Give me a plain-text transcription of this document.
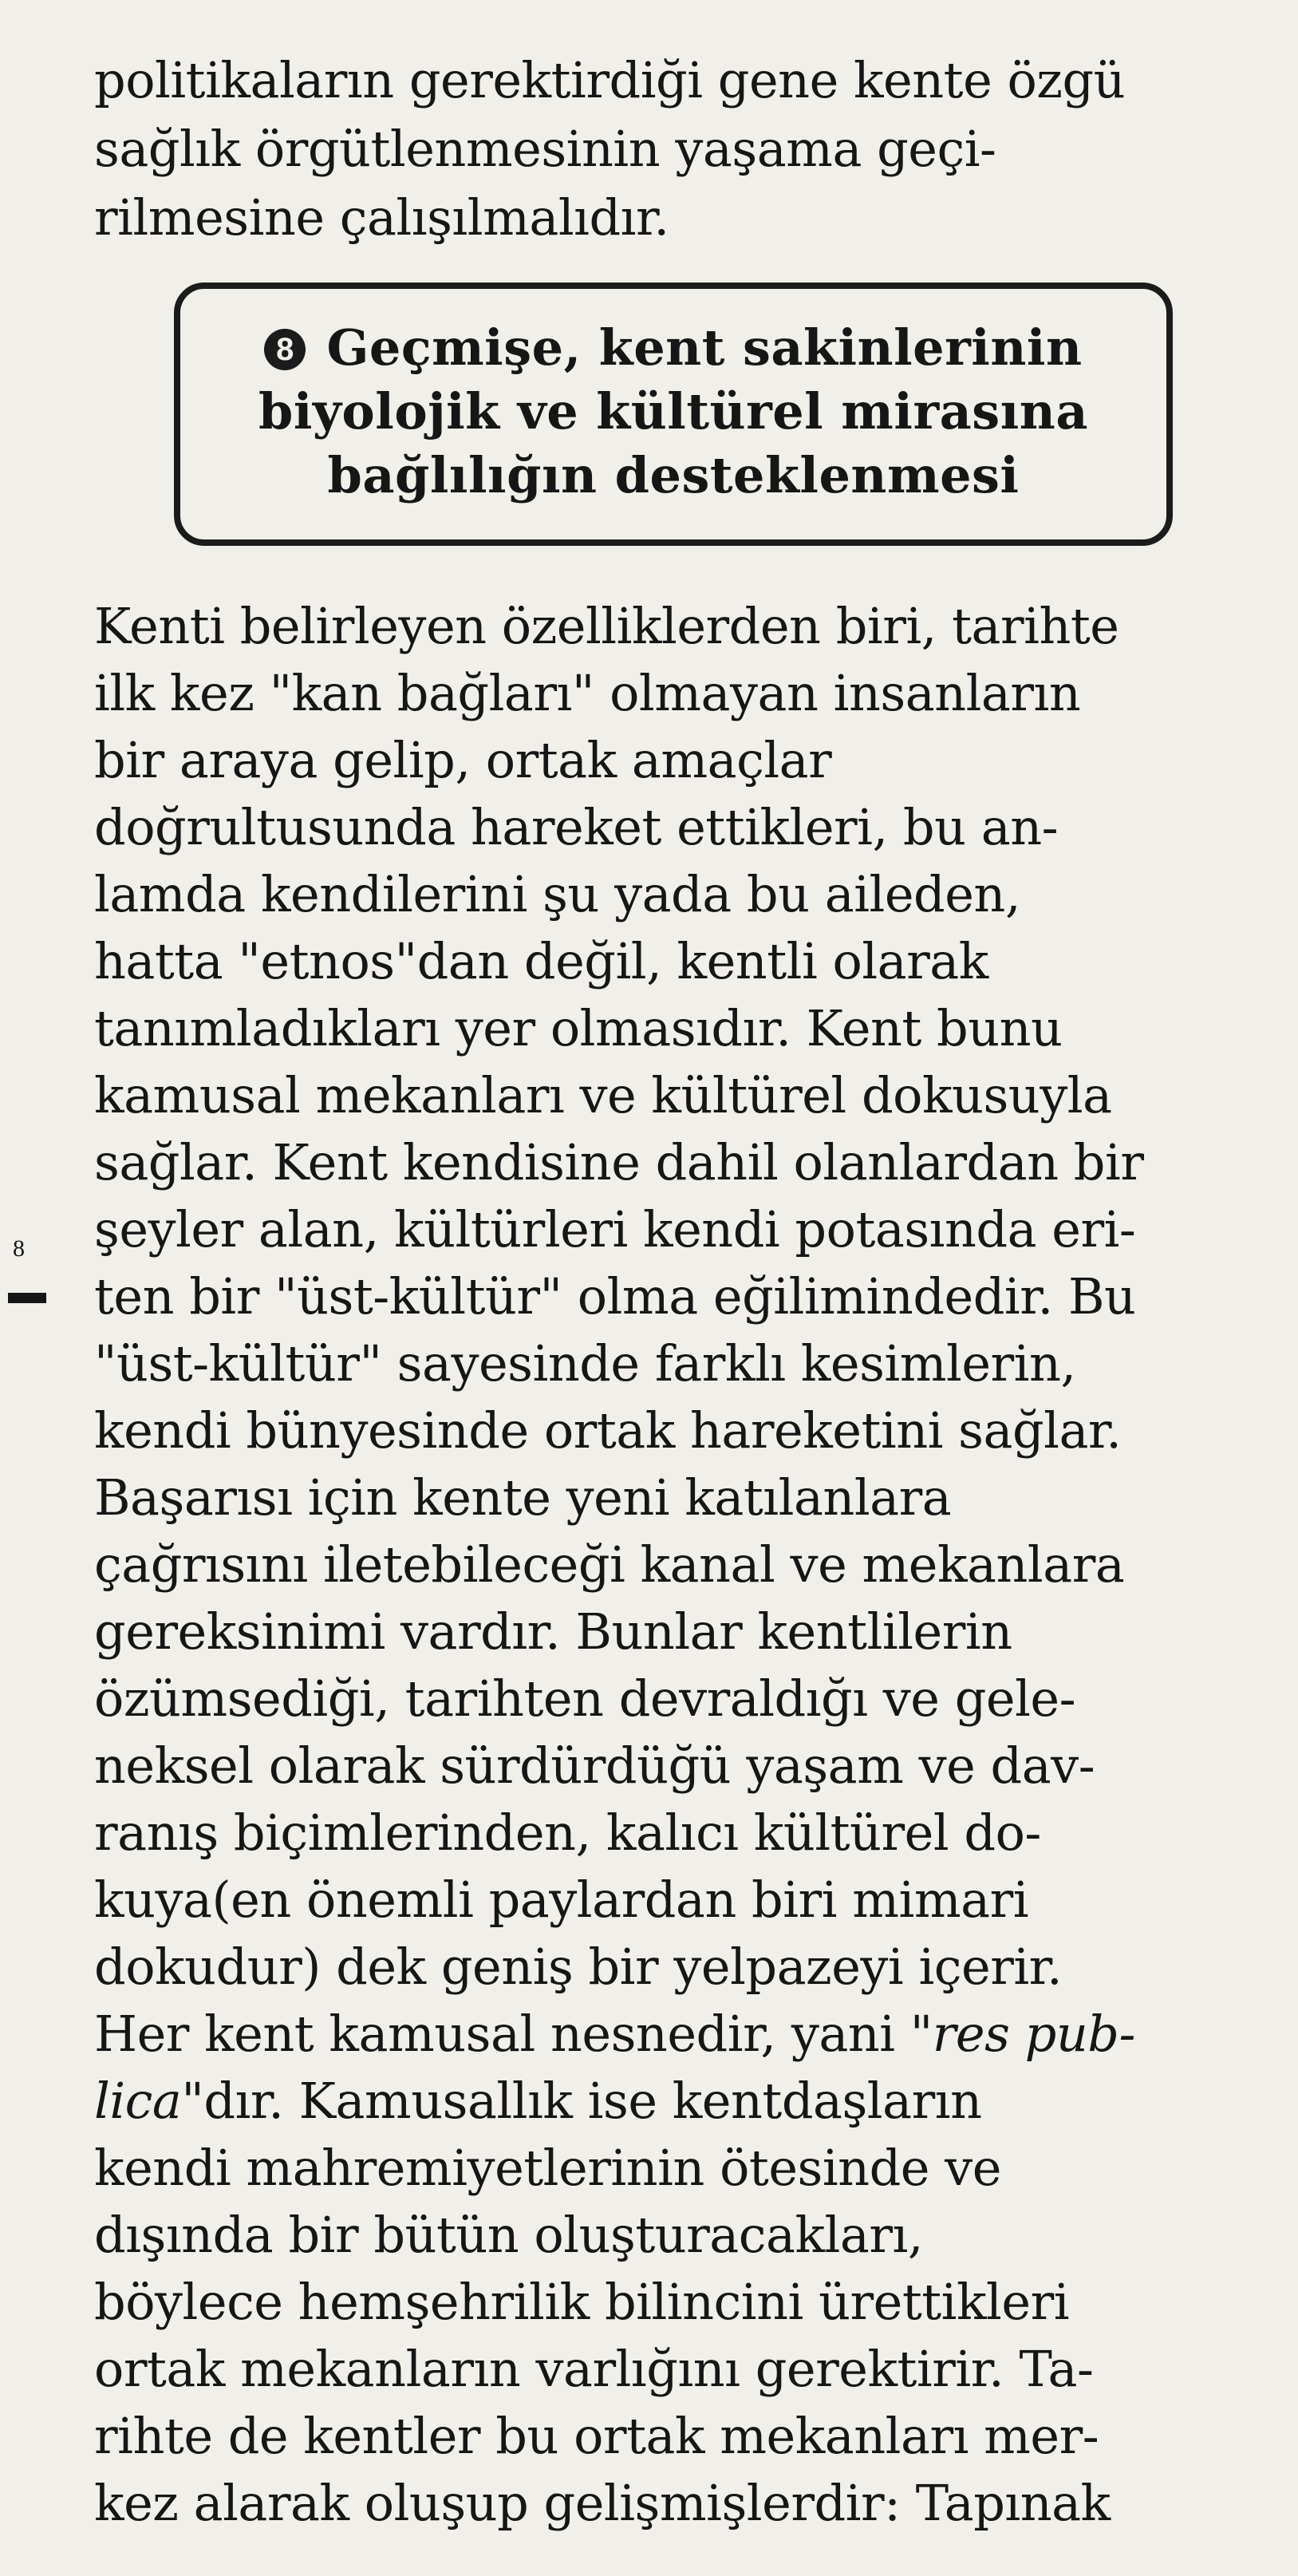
politikaların gerektirdiği gene kente özgü
sağlık örgütlenmesinin yaşama geçi-
rilmesine çalışılmalıdır.
8 Geçmişe, kent sakinlerinin
biyolojik ve kültürel mirasına
bağlılığın desteklenmesi
Kenti belirleyen özelliklerden biri, tarihte
ilk kez "kan bağları" olmayan insanların
bir araya gelip, ortak amaçlar
doğrultusunda hareket ettikleri, bu an-
lamda kendilerini şu yada bu aileden,
hatta "etnos"dan değil, kentli olarak
tanımladıkları yer olmasıdır. Kent bunu
kamusal mekanları ve kültürel dokusuyla
sağlar. Kent kendisine dahil olanlardan bir
şeyler alan, kültürleri kendi potasında eri-
ten bir "üst-kültür" olma eğilimindedir. Bu
"üst-kültür" sayesinde farklı kesimlerin,
kendi bünyesinde ortak hareketini sağlar.
Başarısı için kente yeni katılanlara
çağrısını iletebileceği kanal ve mekanlara
gereksinimi vardır. Bunlar kentlilerin
özümsediği, tarihten devraldığı ve gele-
neksel olarak sürdürdüğü yaşam ve dav-
ranış biçimlerinden, kalıcı kültürel do-
kuya(en önemli paylardan biri mimari
dokudur) dek geniş bir yelpazeyi içerir.
Her kent kamusal nesnedir, yani "res pub-
lica"dır. Kamusallık ise kentdaşların
kendi mahremiyetlerinin ötesinde ve
dışında bir bütün oluşturacakları,
böylece hemşehrilik bilincini ürettikleri
ortak mekanların varlığını gerektirir. Ta-
rihte de kentler bu ortak mekanları mer-
kez alarak oluşup gelişmişlerdir: Tapınak
8
